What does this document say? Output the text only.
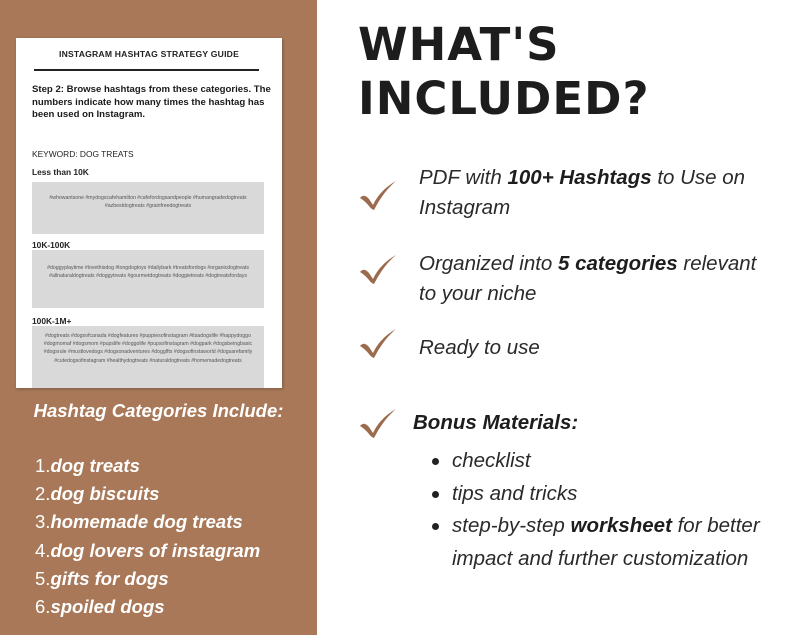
INSTAGRAM HASHTAG STRATEGY GUIDE
Step 2: Browse hashtags from these categories. The numbers indicate how many times the hashtag has been used on Instagram.
KEYWORD: DOG TREATS
Less than 10K
#whowantsone #mydogscafehamilton #cafefordogsandpeople #humangradedogtreats #azbestdogtreats #grainfreedogtreats
10K-100K
#doggyplaytime #lovethisdog #longdogtoys #dailybark #treatsfordogs #organicdogtreats #allnaturaldogtreats #doggytreats #gourmetdogtreats #doggietreats #dogtreatsfordays
100K-1M+
#dogtreats #dogsofcanada #dogfeatures #puppiesofinstagram #itsadogslife #happydoggo #dogmomaf #dogsmom #pupslife #doggolife #pupsofinstagram #dogpark #dogsbeingbasic #dogsrule #mustlovedogs #dogsonadventures #dogglfts #dogsofinstaworld #dogsarefamily #cutedogsofinstagram #healthydogtreats #naturaldogtreats #homemadedogtreats
Hashtag Categories Include:
1.dog treats
2.dog biscuits
3.homemade dog treats
4.dog lovers of instagram
5.gifts for dogs
6.spoiled dogs
WHAT'S
INCLUDED?
PDF with 100+ Hashtags to Use on Instagram
Organized into 5 categories relevant to your niche
Ready to use
Bonus Materials:
checklist
tips and tricks
step-by-step worksheet for better impact and further customization
